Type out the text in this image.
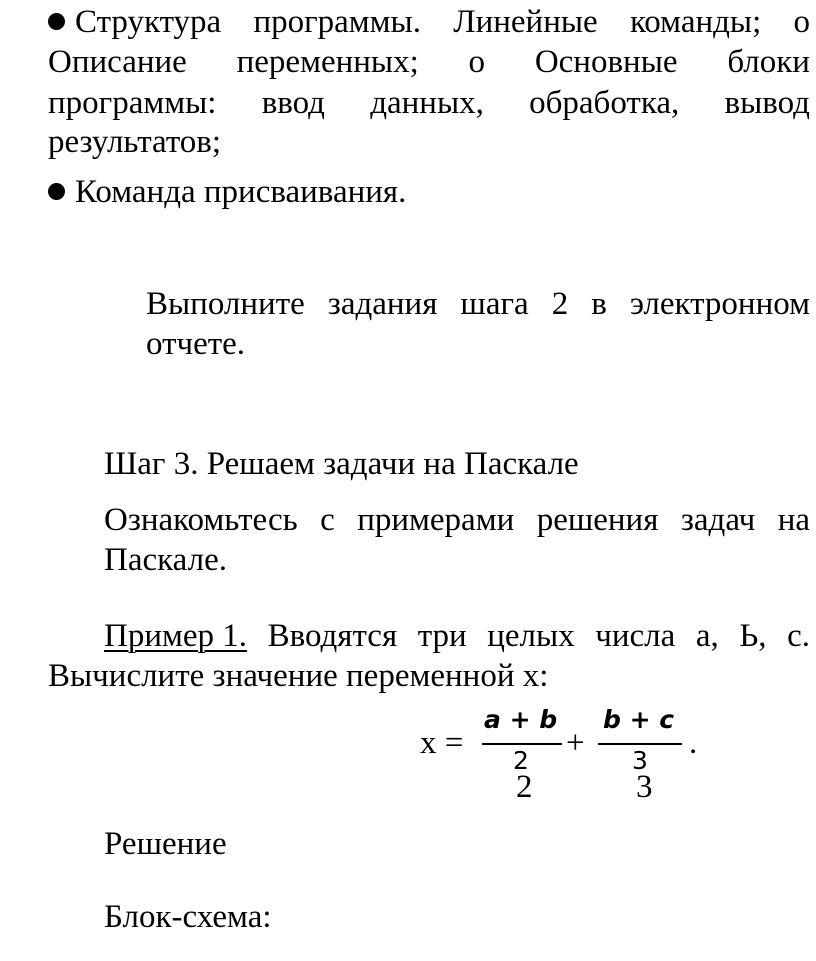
Структура программы. Линейные команды; о
Описание переменных; о Основные блоки
программы: ввод данных, обработка, вывод
результатов;
Команда присваивания.
Выполните задания шага 2 в электронном
отчете.
Шаг 3. Решаем задачи на Паскале
Ознакомьтесь с примерами решения задач на
Паскале.
Пример 1. Вводятся три целых числа а, Ь, с.
Вычислите значение переменной х:
х =
a + b
2 +
b + c
3 .
2	3
Решение
Блок-схема:
